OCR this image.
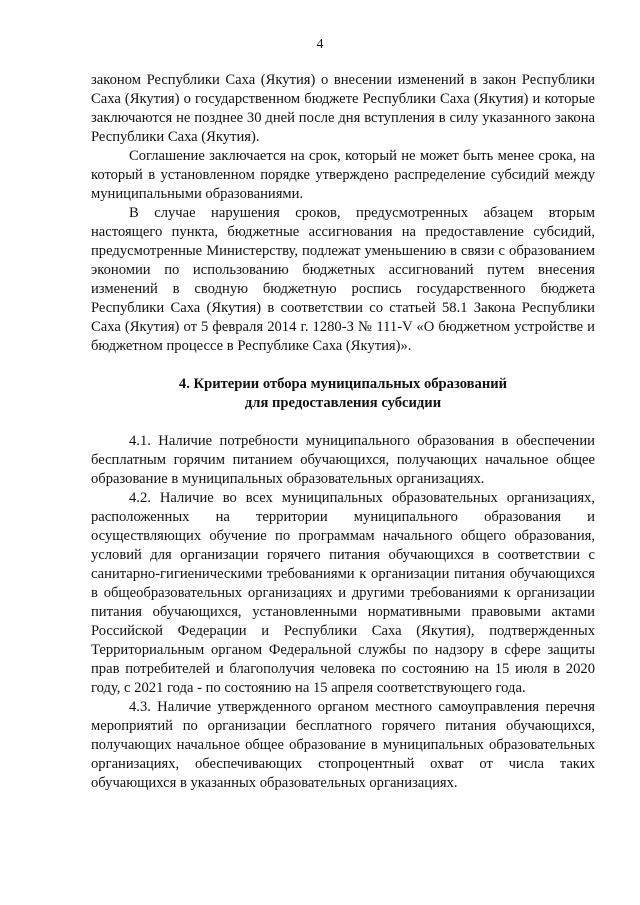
4

законом Республики Саха (Якутия) о внесении изменений в закон Республики Саха (Якутия) о государственном бюджете Республики Саха (Якутия) и которые заключаются не позднее 30 дней после дня вступления в силу указанного закона Республики Саха (Якутия).

Соглашение заключается на срок, который не может быть менее срока, на который в установленном порядке утверждено распределение субсидий между муниципальными образованиями.

В случае нарушения сроков, предусмотренных абзацем вторым настоящего пункта, бюджетные ассигнования на предоставление субсидий, предусмотренные Министерству, подлежат уменьшению в связи с образованием экономии по использованию бюджетных ассигнований путем внесения изменений в сводную бюджетную роспись государственного бюджета Республики Саха (Якутия) в соответствии со статьей 58.1 Закона Республики Саха (Якутия) от 5 февраля 2014 г. 1280-З № 111-V «О бюджетном устройстве и бюджетном процессе в Республике Саха (Якутия)».

4. Критерии отбора муниципальных образований
для предоставления субсидии

4.1. Наличие потребности муниципального образования в обеспечении бесплатным горячим питанием обучающихся, получающих начальное общее образование в муниципальных образовательных организациях.

4.2. Наличие во всех муниципальных образовательных организациях, расположенных на территории муниципального образования и осуществляющих обучение по программам начального общего образования, условий для организации горячего питания обучающихся в соответствии с санитарно-гигиеническими требованиями к организации питания обучающихся в общеобразовательных организациях и другими требованиями к организации питания обучающихся, установленными нормативными правовыми актами Российской Федерации и Республики Саха (Якутия), подтвержденных Территориальным органом Федеральной службы по надзору в сфере защиты прав потребителей и благополучия человека по состоянию на 15 июля в 2020 году, с 2021 года - по состоянию на 15 апреля соответствующего года.

4.3. Наличие утвержденного органом местного самоуправления перечня мероприятий по организации бесплатного горячего питания обучающихся, получающих начальное общее образование в муниципальных образовательных организациях, обеспечивающих стопроцентный охват от числа таких обучающихся в указанных образовательных организациях.
